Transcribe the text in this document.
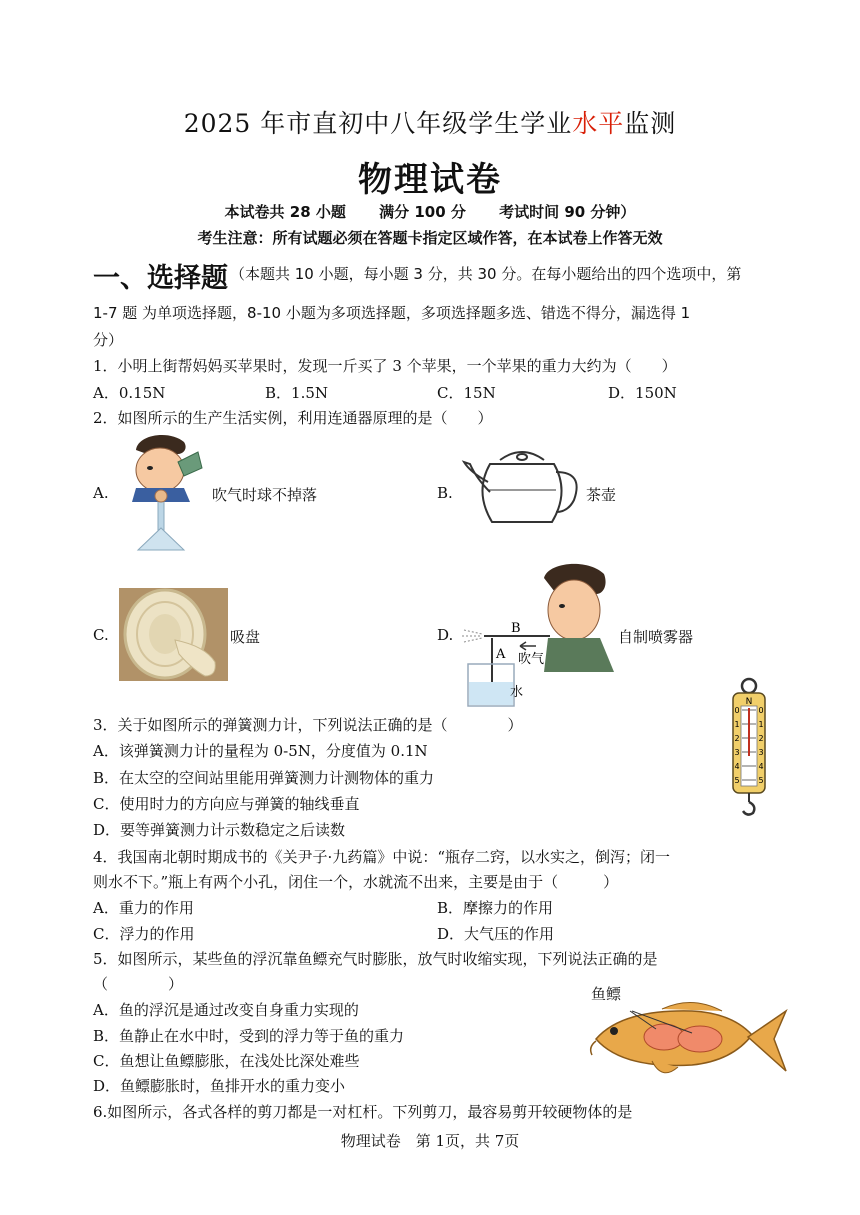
2025 年市直初中八年级学生学业水平监测
物理试卷
本试卷共 28 小题 满分 100 分 考试时间 90 分钟）
考生注意：所有试题必须在答题卡指定区域作答，在本试卷上作答无效
一、选择题 （本题共 10 小题，每小题 3 分，共 30 分。在每小题给出的四个选项中，第
1-7 题 为单项选择题，8-10 小题为多项选择题，多项选择题多选、错选不得分，漏选得 1
分）
1．小明上街帮妈妈买苹果时，发现一斤买了 3 个苹果，一个苹果的重力大约为（　　）
A．0.15N	B．1.5N	C．15N	D．150N
2．如图所示的生产生活实例，利用连通器原理的是（　　）
A.	吹气时球不掉落	B.	茶壶
C.	吸盘	D.	B
A 吹气
水
自制喷雾器
3．关于如图所示的弹簧测力计，下列说法正确的是（　　　　）
A．该弹簧测力计的量程为 0-5N，分度值为 0.1N
B．在太空的空间站里能用弹簧测力计测物体的重力
C．使用时力的方向应与弹簧的轴线垂直
D．要等弹簧测力计示数稳定之后读数
N
0 0
1 1
2 2
3 3
4 4
5 5
4．我国南北朝时期成书的《关尹子·九药篇》中说：“瓶存二窍，以水实之，倒泻；闭一
则水不下。”瓶上有两个小孔，闭住一个，水就流不出来，主要是由于（　　　）
A．重力的作用	B．摩擦力的作用
C．浮力的作用	D．大气压的作用
5．如图所示，某些鱼的浮沉靠鱼鳔充气时膨胀，放气时收缩实现，下列说法正确的是
（　　　　）
A．鱼的浮沉是通过改变自身重力实现的
B．鱼静止在水中时，受到的浮力等于鱼的重力
C．鱼想让鱼鳔膨胀，在浅处比深处难些
D．鱼鳔膨胀时，鱼排开水的重力变小
鱼鳔
6.如图所示，各式各样的剪刀都是一对杠杆。下列剪刀，最容易剪开较硬物体的是
物理试卷　第 1页，共 7页
